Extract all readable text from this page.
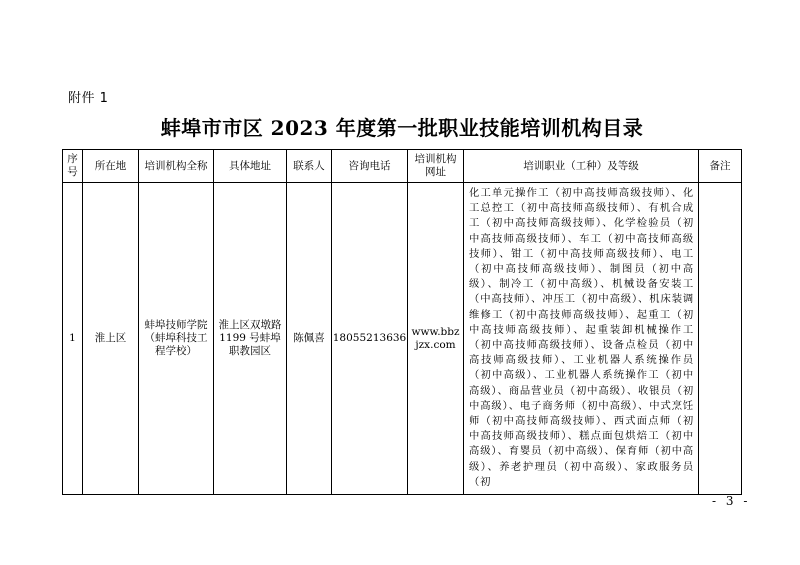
附件 1
蚌埠市市区 2023 年度第一批职业技能培训机构目录
序号	所在地	培训机构全称	具体地址	联系人	咨询电话	培训机构网址	培训职业（工种）及等级	备注
1	淮上区	蚌埠技师学院（蚌埠科技工程学校）	淮上区双墩路 1199 号蚌埠职教园区	陈佩喜	18055213636	www.bbzjzx.com	化工单元操作工（初中高技师高级技师）、化工总控工（初中高技师高级技师）、有机合成工（初中高技师高级技师）、化学检验员（初中高技师高级技师）、车工（初中高技师高级技师）、钳工（初中高技师高级技师）、电工（初中高技师高级技师）、制图员（初中高级）、制冷工（初中高级）、机械设备安装工（中高技师）、冲压工（初中高级）、机床装调维修工（初中高技师高级技师）、起重工（初中高技师高级技师）、起重装卸机械操作工（初中高技师高级技师）、设备点检员（初中高技师高级技师）、工业机器人系统操作员（初中高级）、工业机器人系统操作工（初中高级）、商品营业员（初中高级）、收银员（初中高级）、电子商务师（初中高级）、中式烹饪师（初中高技师高级技师）、西式面点师（初中高技师高级技师）、糕点面包烘焙工（初中高级）、育婴员（初中高级）、保育师（初中高级）、养老护理员（初中高级）、家政服务员（初	

- 3 -
